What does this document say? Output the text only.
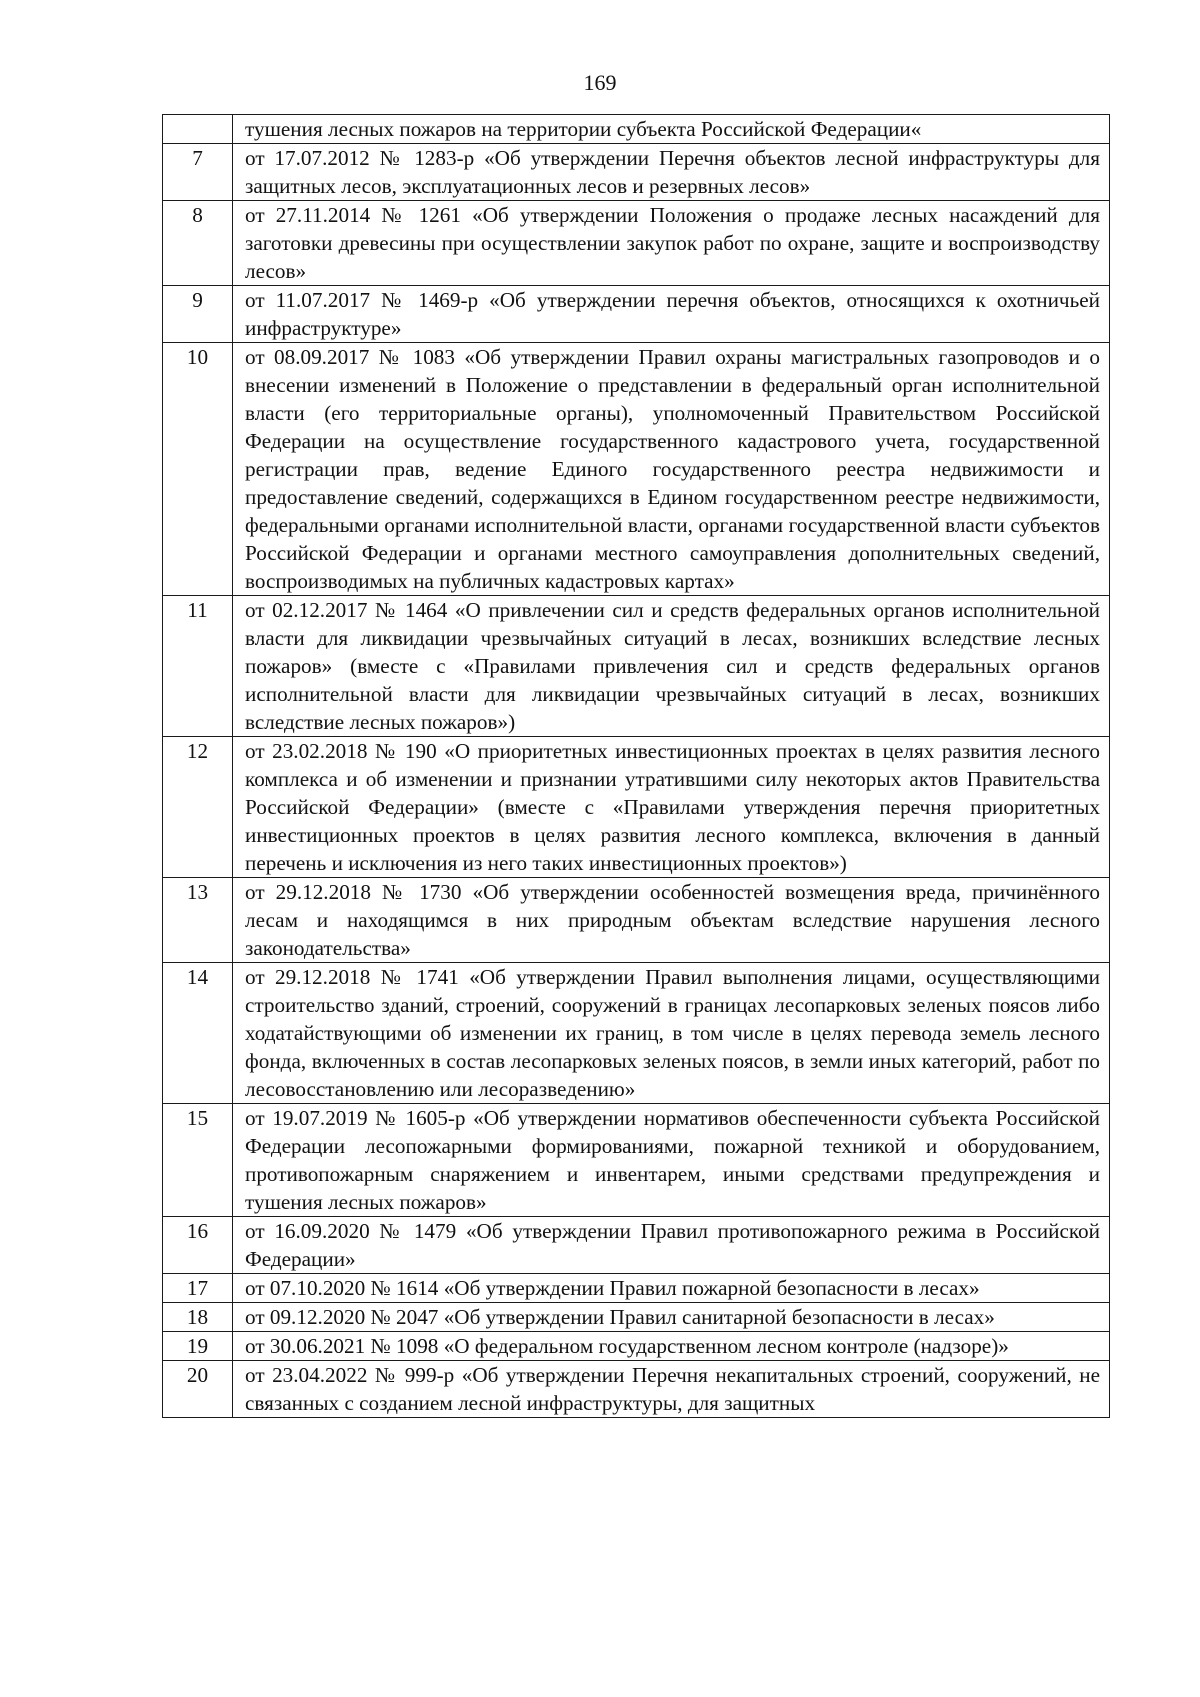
169
	тушения лесных пожаров на территории субъекта Российской Федерации«
7	от 17.07.2012 № 1283-р «Об утверждении Перечня объектов лесной инфраструктуры для защитных лесов, эксплуатационных лесов и резервных лесов»
8	от 27.11.2014 № 1261 «Об утверждении Положения о продаже лесных насаждений для заготовки древесины при осуществлении закупок работ по охране, защите и воспроизводству лесов»
9	от 11.07.2017 № 1469-р «Об утверждении перечня объектов, относящихся к охотничьей инфраструктуре»
10	от 08.09.2017 № 1083 «Об утверждении Правил охраны магистральных газопроводов и о внесении изменений в Положение о представлении в федеральный орган исполнительной власти (его территориальные органы), уполномоченный Правительством Российской Федерации на осуществление государственного кадастрового учета, государственной регистрации прав, ведение Единого государственного реестра недвижимости и предоставление сведений, содержащихся в Едином государственном реестре недвижимости, федеральными органами исполнительной власти, органами государственной власти субъектов Российской Федерации и органами местного самоуправления дополнительных сведений, воспроизводимых на публичных кадастровых картах»
11	от 02.12.2017 № 1464 «О привлечении сил и средств федеральных органов исполнительной власти для ликвидации чрезвычайных ситуаций в лесах, возникших вследствие лесных пожаров» (вместе с «Правилами привлечения сил и средств федеральных органов исполнительной власти для ликвидации чрезвычайных ситуаций в лесах, возникших вследствие лесных пожаров»)
12	от 23.02.2018 № 190 «О приоритетных инвестиционных проектах в целях развития лесного комплекса и об изменении и признании утратившими силу некоторых актов Правительства Российской Федерации» (вместе с «Правилами утверждения перечня приоритетных инвестиционных проектов в целях развития лесного комплекса, включения в данный перечень и исключения из него таких инвестиционных проектов»)
13	от 29.12.2018 № 1730 «Об утверждении особенностей возмещения вреда, причинённого лесам и находящимся в них природным объектам вследствие нарушения лесного законодательства»
14	от 29.12.2018 № 1741 «Об утверждении Правил выполнения лицами, осуществляющими строительство зданий, строений, сооружений в границах лесопарковых зеленых поясов либо ходатайствующими об изменении их границ, в том числе в целях перевода земель лесного фонда, включенных в состав лесопарковых зеленых поясов, в земли иных категорий, работ по лесовосстановлению или лесоразведению»
15	от 19.07.2019 № 1605-р «Об утверждении нормативов обеспеченности субъекта Российской Федерации лесопожарными формированиями, пожарной техникой и оборудованием, противопожарным снаряжением и инвентарем, иными средствами предупреждения и тушения лесных пожаров»
16	от 16.09.2020 № 1479 «Об утверждении Правил противопожарного режима в Российской Федерации»
17	от 07.10.2020 № 1614 «Об утверждении Правил пожарной безопасности в лесах»
18	от 09.12.2020 № 2047 «Об утверждении Правил санитарной безопасности в лесах»
19	от 30.06.2021 № 1098 «О федеральном государственном лесном контроле (надзоре)»
20	от 23.04.2022 № 999-р «Об утверждении Перечня некапитальных строений, сооружений, не связанных с созданием лесной инфраструктуры, для защитных
